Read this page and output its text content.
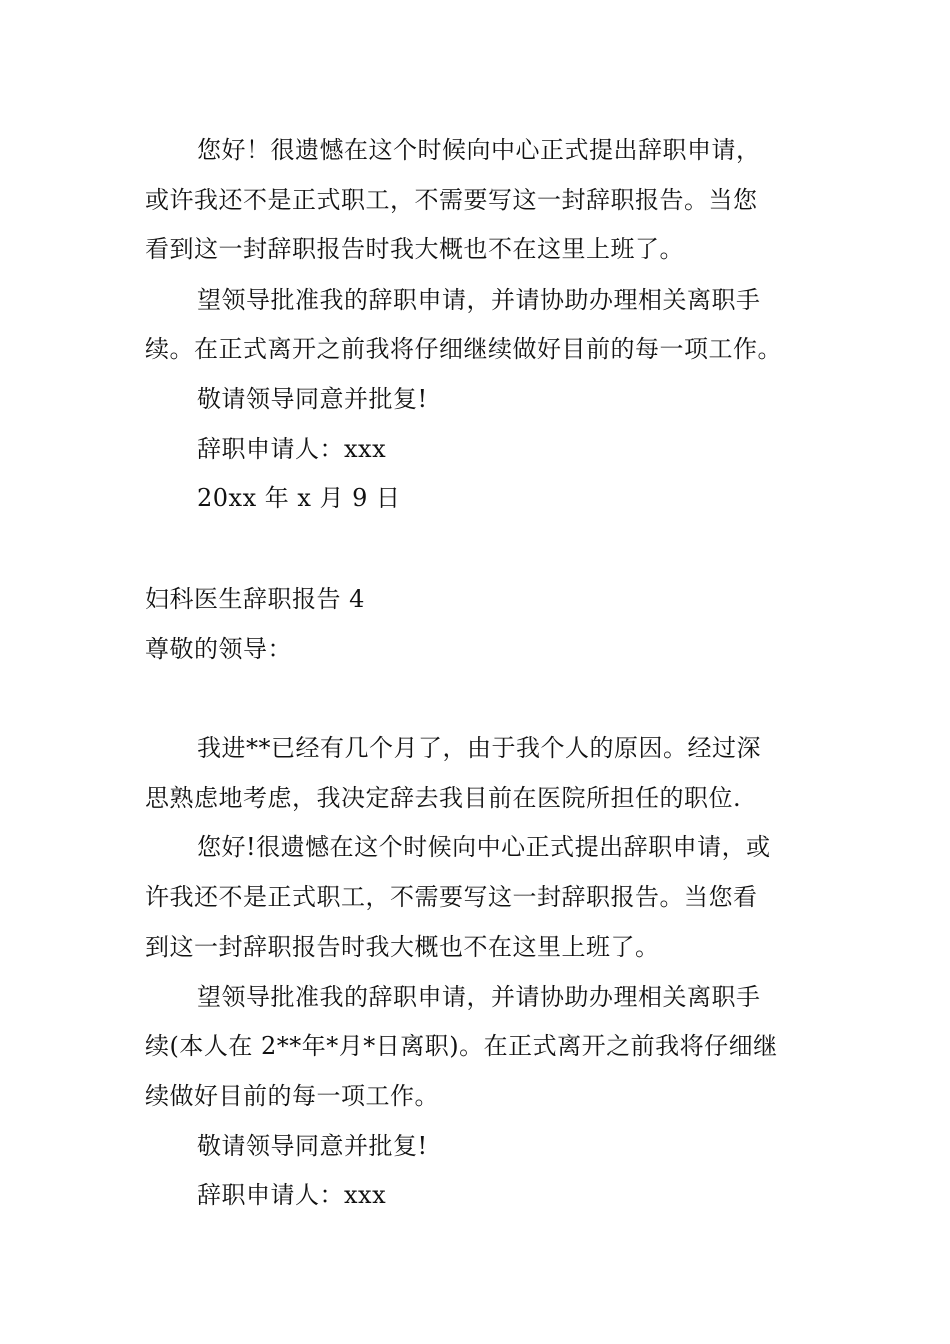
您好！很遗憾在这个时候向中心正式提出辞职申请，
或许我还不是正式职工，不需要写这一封辞职报告。当您
看到这一封辞职报告时我大概也不在这里上班了。
望领导批准我的辞职申请，并请协助办理相关离职手
续。在正式离开之前我将仔细继续做好目前的每一项工作。
敬请领导同意并批复!
辞职申请人：xxx
20xx 年 x 月 9 日
妇科医生辞职报告 4
尊敬的领导：
我进**已经有几个月了，由于我个人的原因。经过深
思熟虑地考虑，我决定辞去我目前在医院所担任的职位.
您好!很遗憾在这个时候向中心正式提出辞职申请，或
许我还不是正式职工，不需要写这一封辞职报告。当您看
到这一封辞职报告时我大概也不在这里上班了。
望领导批准我的辞职申请，并请协助办理相关离职手
续(本人在 2**年*月*日离职)。在正式离开之前我将仔细继
续做好目前的每一项工作。
敬请领导同意并批复!
辞职申请人：xxx
